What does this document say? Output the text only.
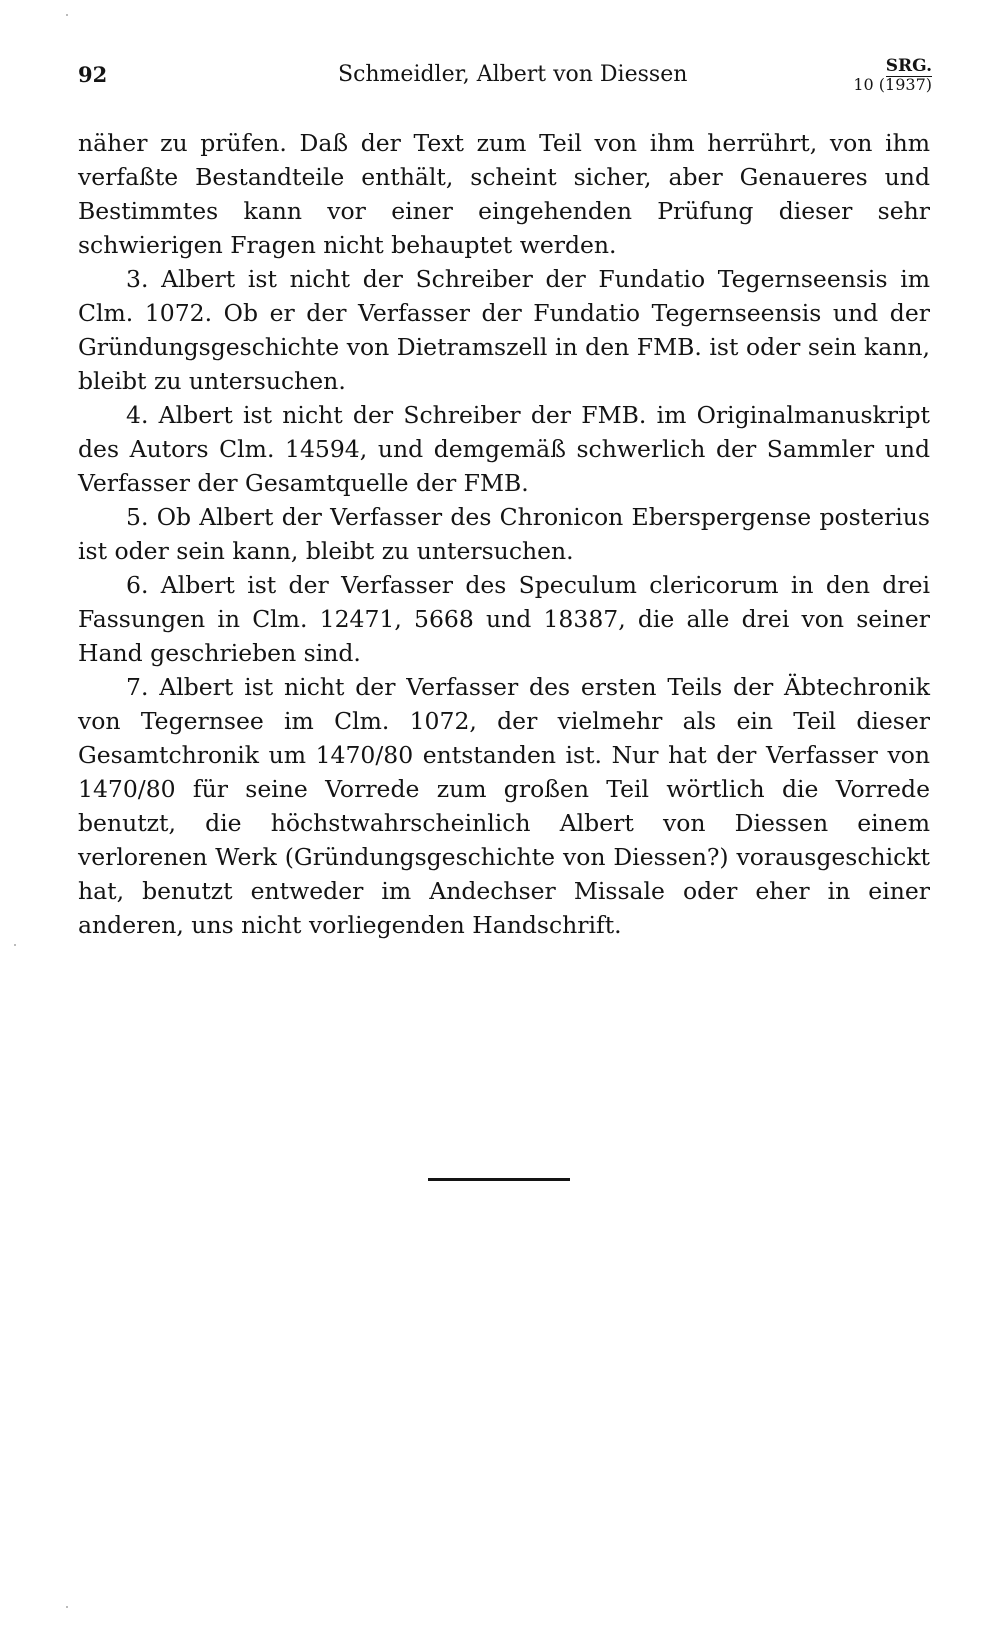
92	Schmeidler, Albert von Diessen	SRG.
10 (1937)

näher zu prüfen. Daß der Text zum Teil von ihm herrührt, von ihm verfaßte Bestandteile enthält, scheint sicher, aber Genaueres und Bestimmtes kann vor einer eingehenden Prüfung dieser sehr schwierigen Fragen nicht behauptet werden.

3. Albert ist nicht der Schreiber der Fundatio Tegernseensis im Clm. 1072. Ob er der Verfasser der Fundatio Tegernseensis und der Gründungsgeschichte von Dietramszell in den FMB. ist oder sein kann, bleibt zu untersuchen.

4. Albert ist nicht der Schreiber der FMB. im Originalmanuskript des Autors Clm. 14594, und demgemäß schwerlich der Sammler und Verfasser der Gesamtquelle der FMB.

5. Ob Albert der Verfasser des Chronicon Eberspergense posterius ist oder sein kann, bleibt zu untersuchen.

6. Albert ist der Verfasser des Speculum clericorum in den drei Fassungen in Clm. 12471, 5668 und 18387, die alle drei von seiner Hand geschrieben sind.

7. Albert ist nicht der Verfasser des ersten Teils der Äbtechronik von Tegernsee im Clm. 1072, der vielmehr als ein Teil dieser Gesamtchronik um 1470/80 entstanden ist. Nur hat der Verfasser von 1470/80 für seine Vorrede zum großen Teil wörtlich die Vorrede benutzt, die höchstwahrscheinlich Albert von Diessen einem verlorenen Werk (Gründungsgeschichte von Diessen?) vorausgeschickt hat, benutzt entweder im Andechser Missale oder eher in einer anderen, uns nicht vorliegenden Handschrift.
